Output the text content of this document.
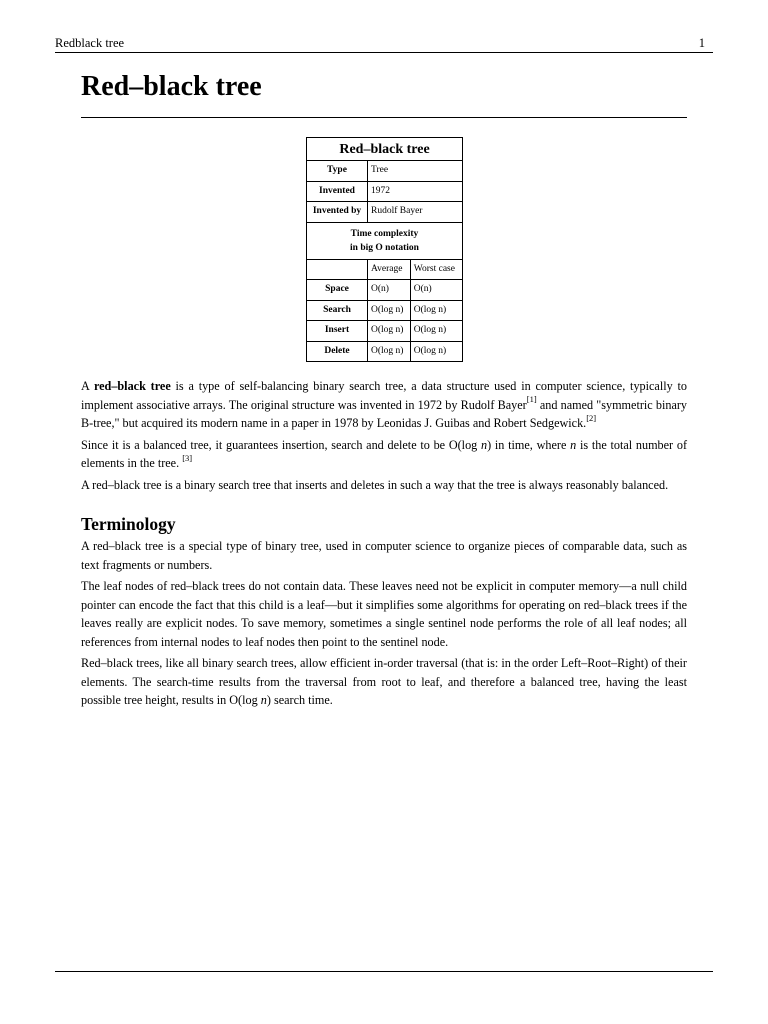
Redblack tree	1
Red–black tree
Red–black tree		
Type	Tree	
Invented	1972	
Invented by	Rudolf Bayer	

Time complexity
in big O notation		

	Average	Worst case
Space	O(n)	O(n)
Search	O(log n)	O(log n)
Insert	O(log n)	O(log n)
Delete	O(log n)	O(log n)

A red–black tree is a type of self-balancing binary search tree, a data structure used in computer science, typically to implement associative arrays. The original structure was invented in 1972 by Rudolf Bayer[1] and named "symmetric binary B-tree," but acquired its modern name in a paper in 1978 by Leonidas J. Guibas and Robert Sedgewick.[2]

Since it is a balanced tree, it guarantees insertion, search and delete to be O(log n) in time, where n is the total number of elements in the tree. [3]

A red–black tree is a binary search tree that inserts and deletes in such a way that the tree is always reasonably balanced.

Terminology

A red–black tree is a special type of binary tree, used in computer science to organize pieces of comparable data, such as text fragments or numbers.

The leaf nodes of red–black trees do not contain data. These leaves need not be explicit in computer memory—a null child pointer can encode the fact that this child is a leaf—but it simplifies some algorithms for operating on red–black trees if the leaves really are explicit nodes. To save memory, sometimes a single sentinel node performs the role of all leaf nodes; all references from internal nodes to leaf nodes then point to the sentinel node.

Red–black trees, like all binary search trees, allow efficient in-order traversal (that is: in the order Left–Root–Right) of their elements. The search-time results from the traversal from root to leaf, and therefore a balanced tree, having the least possible tree height, results in O(log n) search time.
